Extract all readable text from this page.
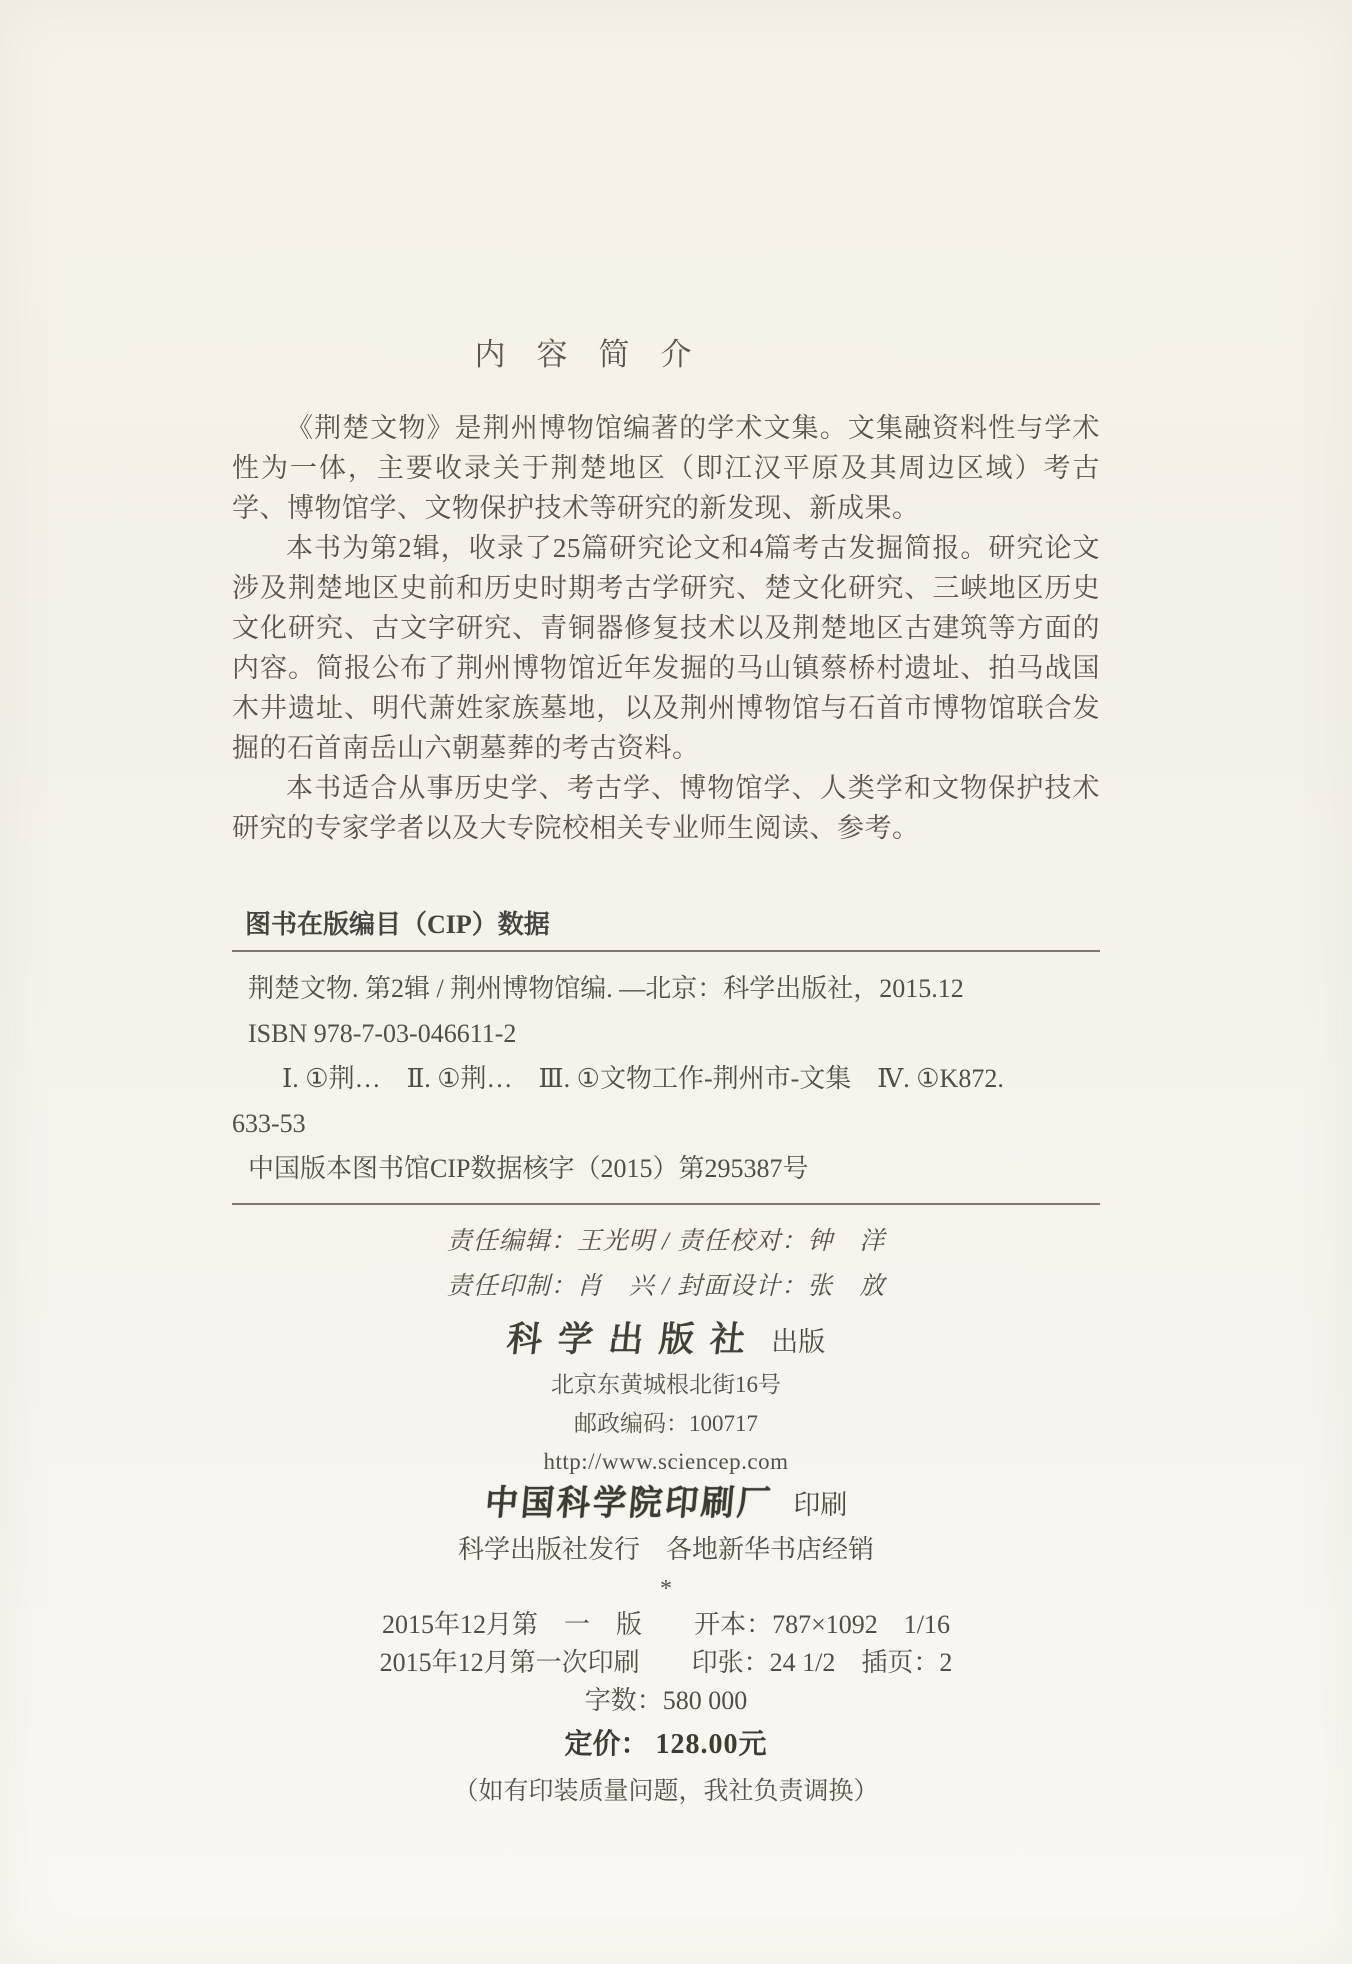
内　容　简　介

《荆楚文物》是荆州博物馆编著的学术文集。文集融资料性与学术性为一体，主要收录关于荆楚地区（即江汉平原及其周边区域）考古学、博物馆学、文物保护技术等研究的新发现、新成果。

本书为第2辑，收录了25篇研究论文和4篇考古发掘简报。研究论文涉及荆楚地区史前和历史时期考古学研究、楚文化研究、三峡地区历史文化研究、古文字研究、青铜器修复技术以及荆楚地区古建筑等方面的内容。简报公布了荆州博物馆近年发掘的马山镇蔡桥村遗址、拍马战国木井遗址、明代萧姓家族墓地，以及荆州博物馆与石首市博物馆联合发掘的石首南岳山六朝墓葬的考古资料。

本书适合从事历史学、考古学、博物馆学、人类学和文物保护技术研究的专家学者以及大专院校相关专业师生阅读、参考。

图书在版编目（CIP）数据
荆楚文物. 第2辑 / 荆州博物馆编. —北京：科学出版社，2015.12
ISBN 978-7-03-046611-2
Ⅰ. ①荆…　Ⅱ. ①荆…　Ⅲ. ①文物工作-荆州市-文集　Ⅳ. ①K872.
633-53
中国版本图书馆CIP数据核字（2015）第295387号
责任编辑：王光明 / 责任校对：钟　洋
责任印制：肖　兴 / 封面设计：张　放
科学出版社 出版
北京东黄城根北街16号
邮政编码：100717
http://www.sciencep.com
中国科学院印刷厂 印刷
科学出版社发行　各地新华书店经销
*
2015年12月第　一　版 开本：787×1092　1/16
2015年12月第一次印刷 印张：24 1/2　插页：2
字数：580 000
定价： 128.00元
（如有印装质量问题，我社负责调换）
